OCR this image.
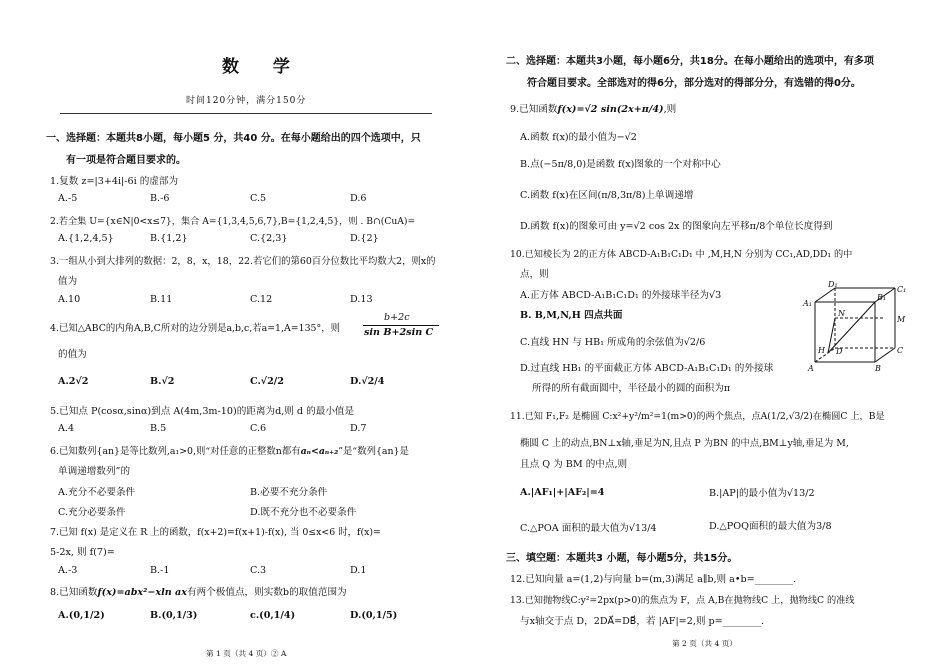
数 学
时间120分钟，满分150分
一、选择题：本题共8小题，每小题5 分，共40 分。在每小题给出的四个选项中，只
有一项是符合题目要求的。
1.复数 z=|3+4i|-6i 的虚部为
A.-5	B.-6	C.5	D.6
2.若全集 U={x∈N|0<x≤7}，集合 A={1,3,4,5,6,7},B={1,2,4,5}，则 . B∩(CuA)=
A.{1,2,4,5}	B.{1,2}	C.{2,3}	D.{2}
3.一组从小到大排列的数据：2，8，x，18，22.若它们的第60百分位数比平均数大2，则x的
值为
A.10	B.11	C.12	D.13
4.已知△ABC的内角A,B,C所对的边分别是a,b,c,若a=1,A=135°，则
b+2c
sin B+2sin C
的值为
A.2√2	B.√2	C.√2/2	D.√2/4
5.已知点 P(cosα,sinα)到点 A(4m,3m-10)的距离为d,则 d 的最小值是
A.4	B.5	C.6	D.7
6.已知数列{an}是等比数列,a₁>0,则“对任意的正整数n都有aₙ<aₙ₊₂”是“数列{an}是
单调递增数列”的
A.充分不必要条件	B.必要不充分条件
C.充分必要条件	D.既不充分也不必要条件
7.已知 f(x) 是定义在 R 上的函数，f(x+2)=f(x+1)-f(x), 当 0≤x<6 时，f(x)=
5-2x, 则 f(7)=
A.-3	B.-1	C.3	D.1
8.已知函数f(x)=abx²−xln ax有两个极值点，则实数b的取值范围为
A.(0,1/2)	B.(0,1/3)	c.(0,1/4)	D.(0,1/5)
第 1 页（共 4 页）② A
二、选择题：本题共3小题，每小题6分，共18分。在每小题给出的选项中，有多项
符合题目要求。全部选对的得6分，部分选对的得部分分，有选错的得0分。
9.已知函数f(x)=√2 sin(2x+π/4),则
A.函数 f(x)的最小值为−√2
B.点(−5π/8,0)是函数 f(x)图象的一个对称中心
C.函数 f(x)在区间(π/8,3π/8)上单调递增
D.函数 f(x)的图象可由 y=√2 cos 2x 的图象向左平移π/8个单位长度得到
10.已知棱长为 2的正方体 ABCD-A₁B₁C₁D₁ 中 ,M,H,N 分别为 CC₁,AD,DD₁ 的中
点，则
A.正方体 ABCD-A₁B₁C₁D₁ 的外接球半径为√3
B. B,M,N,H 四点共面
C.直线 HN 与 HB₁ 所成角的余弦值为√2/6
D.过直线 HB₁ 的平面截正方体 ABCD-A₁B₁C₁D₁ 的外接球
所得的所有截面圆中，半径最小的圆的面积为π
D₁
C₁
A₁
B₁
N
M
D	C
A	B
H
11.已知 F₁,F₂ 是椭圆 C:x²+y²/m²=1(m>0)的两个焦点，点A(1/2,√3/2)在椭圆C 上，B是
椭圆 C 上的动点,BN⊥x轴,垂足为N,且点 P 为BN 的中点,BM⊥y轴,垂足为 M,
且点 Q 为 BM 的中点,则
A.|AF₁|+|AF₂|=4	B.|AP|的最小值为√13/2
C.△POA 面积的最大值为√13/4	D.△POQ面积的最大值为3/8
三、填空题：本题共3 小题，每小题5分，共15分。
12.已知向量 a=(1,2)与向量 b=(m,3)满足 a∥b,则 a•b=________.
13.已知抛物线C:y²=2px(p>0)的焦点为 F，点 A,B在抛物线C 上，抛物线C 的准线
与x轴交于点 D，2DA⃗=DB⃗，若 |AF|=2,则 p=________.
第 2 页（共 4 页）
